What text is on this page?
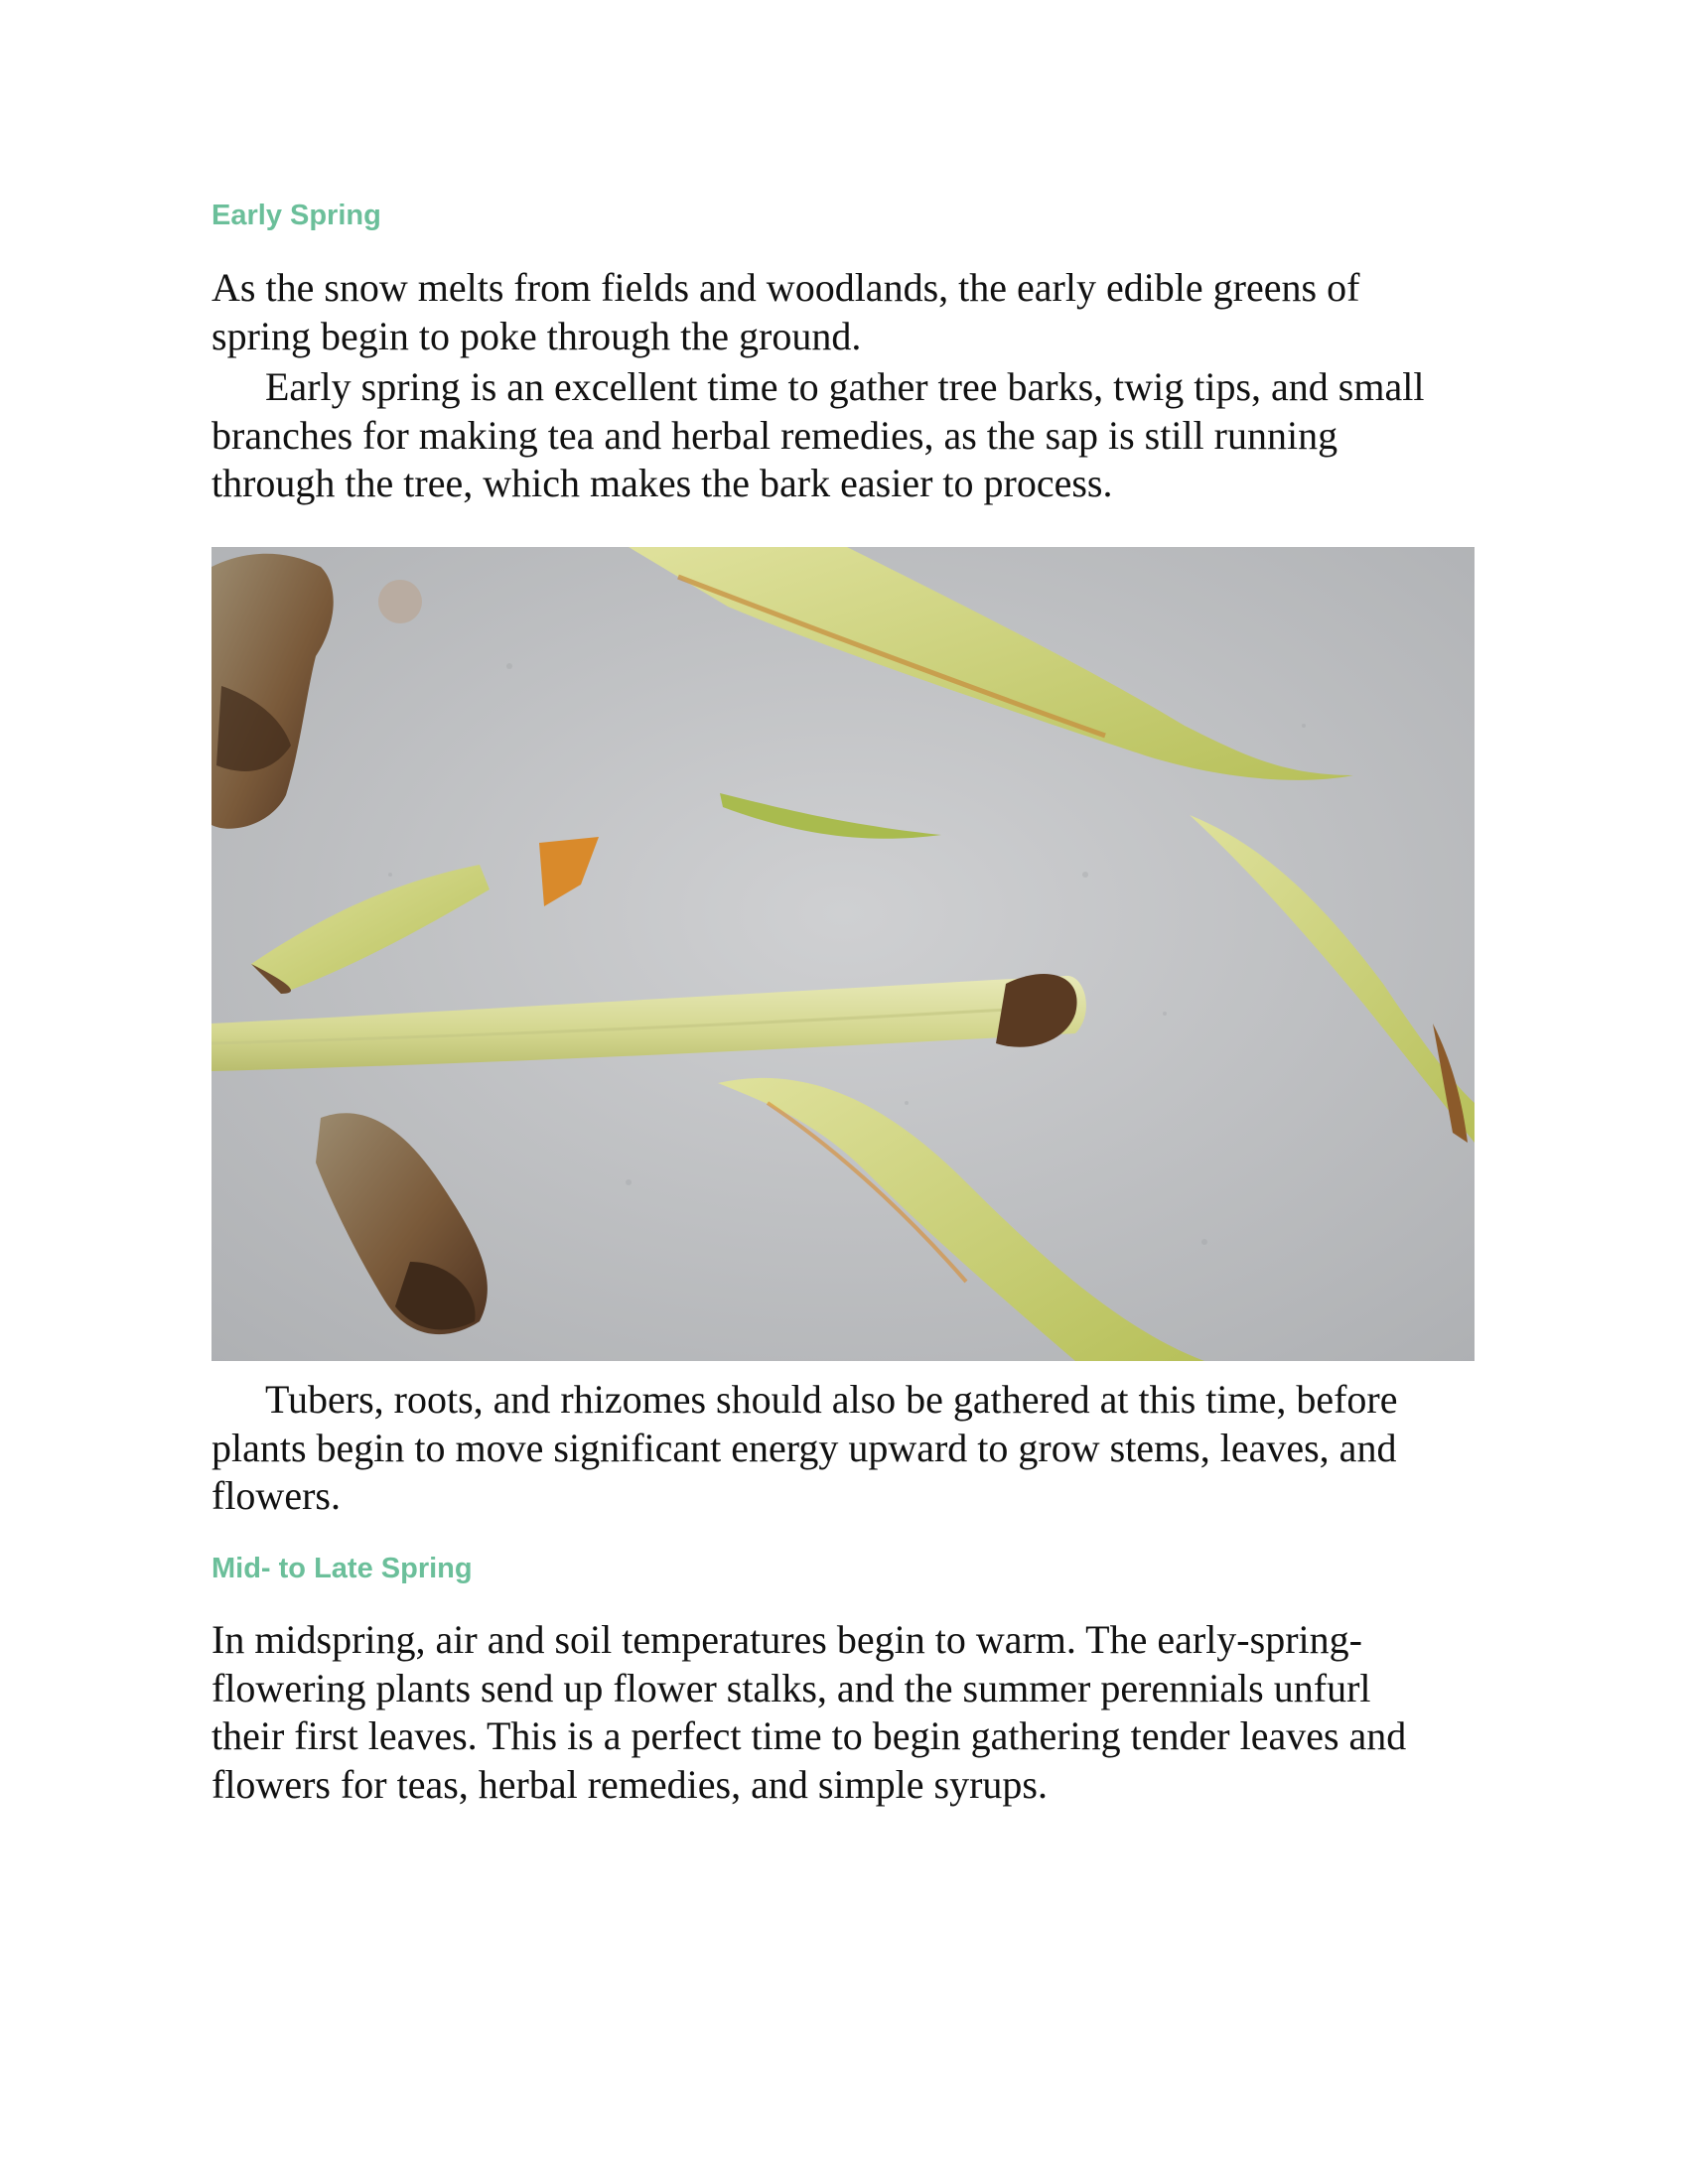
Early Spring

As the snow melts from fields and woodlands, the early edible greens of
spring begin to poke through the ground.

Early spring is an excellent time to gather tree barks, twig tips, and small
branches for making tea and herbal remedies, as the sap is still running
through the tree, which makes the bark easier to process.

Tubers, roots, and rhizomes should also be gathered at this time, before
plants begin to move significant energy upward to grow stems, leaves, and
flowers.

Mid- to Late Spring

In midspring, air and soil temperatures begin to warm. The early-spring-
flowering plants send up flower stalks, and the summer perennials unfurl
their first leaves. This is a perfect time to begin gathering tender leaves and
flowers for teas, herbal remedies, and simple syrups.
